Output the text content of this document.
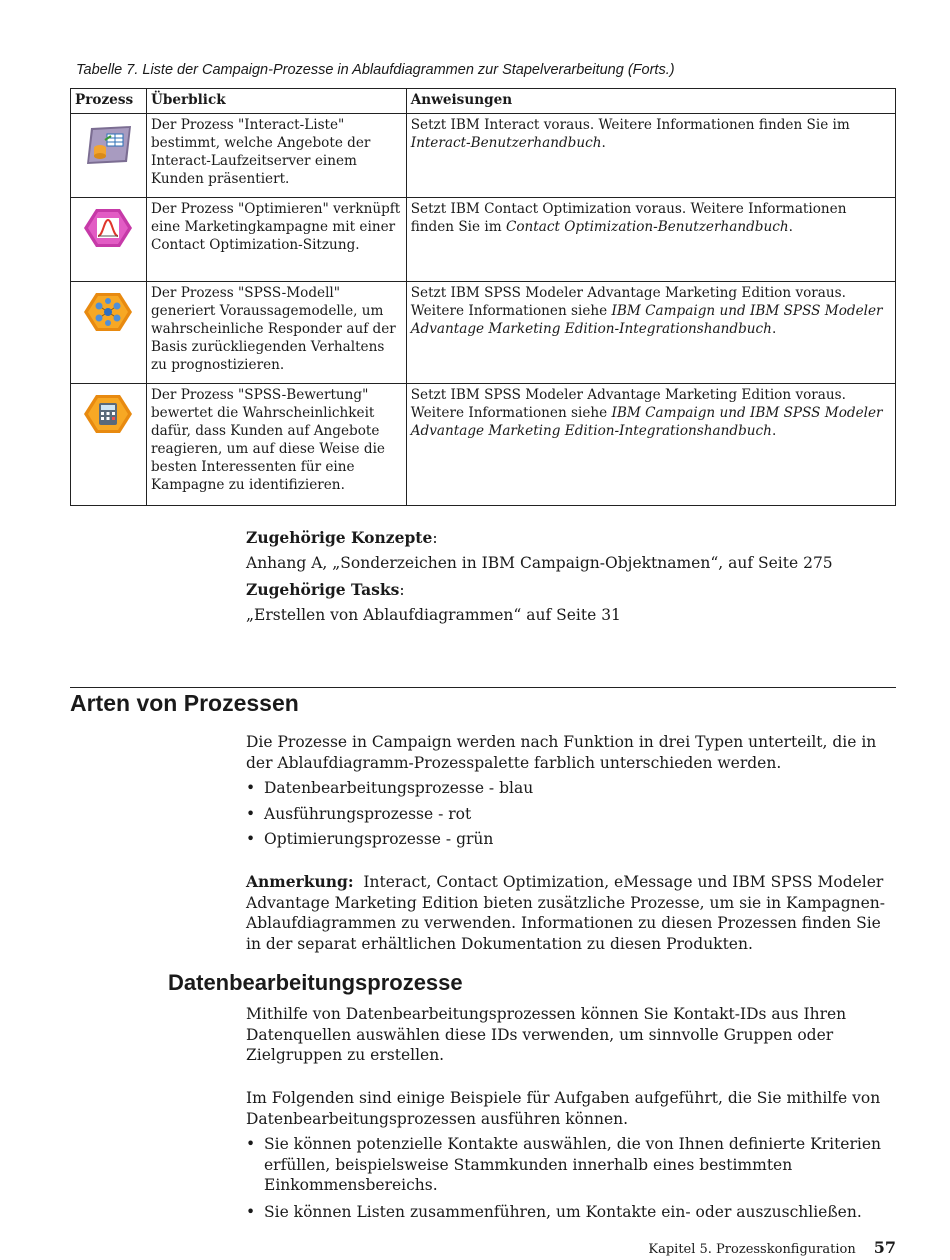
Tabelle 7. Liste der Campaign-Prozesse in Ablaufdiagrammen zur Stapelverarbeitung (Forts.)
Prozess	Überblick	Anweisungen
	Der Prozess "Interact-Liste" bestimmt, welche Angebote der Interact-Laufzeitserver einem Kunden präsentiert.	Setzt IBM Interact voraus. Weitere Informationen finden Sie im Interact-Benutzerhandbuch.
	Der Prozess "Optimieren" verknüpft eine Marketingkampagne mit einer Contact Optimization-Sitzung.	Setzt IBM Contact Optimization voraus. Weitere Informationen finden Sie im Contact Optimization-Benutzerhandbuch.
	Der Prozess "SPSS-Modell" generiert Voraussagemodelle, um wahrscheinliche Responder auf der Basis zurückliegenden Verhaltens zu prognostizieren.	Setzt IBM SPSS Modeler Advantage Marketing Edition voraus. Weitere Informationen siehe IBM Campaign und IBM SPSS Modeler Advantage Marketing Edition-Integrationshandbuch.
	Der Prozess "SPSS-Bewertung" bewertet die Wahrscheinlichkeit dafür, dass Kunden auf Angebote reagieren, um auf diese Weise die besten Interessenten für eine Kampagne zu identifizieren.	Setzt IBM SPSS Modeler Advantage Marketing Edition voraus. Weitere Informationen siehe IBM Campaign und IBM SPSS Modeler Advantage Marketing Edition-Integrationshandbuch.
Zugehörige Konzepte:
Anhang A, „Sonderzeichen in IBM Campaign-Objektnamen“, auf Seite 275
Zugehörige Tasks:
„Erstellen von Ablaufdiagrammen“ auf Seite 31
Arten von Prozessen
Die Prozesse in Campaign werden nach Funktion in drei Typen unterteilt, die in der Ablaufdiagramm-Prozesspalette farblich unterschieden werden.
• Datenbearbeitungsprozesse - blau
• Ausführungsprozesse - rot
• Optimierungsprozesse - grün
Anmerkung: Interact, Contact Optimization, eMessage und IBM SPSS Modeler Advantage Marketing Edition bieten zusätzliche Prozesse, um sie in Kampagnen-Ablaufdiagrammen zu verwenden. Informationen zu diesen Prozessen finden Sie in der separat erhältlichen Dokumentation zu diesen Produkten.
Datenbearbeitungsprozesse
Mithilfe von Datenbearbeitungsprozessen können Sie Kontakt-IDs aus Ihren Datenquellen auswählen diese IDs verwenden, um sinnvolle Gruppen oder Zielgruppen zu erstellen.
Im Folgenden sind einige Beispiele für Aufgaben aufgeführt, die Sie mithilfe von Datenbearbeitungsprozessen ausführen können.
• Sie können potenzielle Kontakte auswählen, die von Ihnen definierte Kriterien erfüllen, beispielsweise Stammkunden innerhalb eines bestimmten Einkommensbereichs.
• Sie können Listen zusammenführen, um Kontakte ein- oder auszuschließen.
Kapitel 5. Prozesskonfiguration 57
